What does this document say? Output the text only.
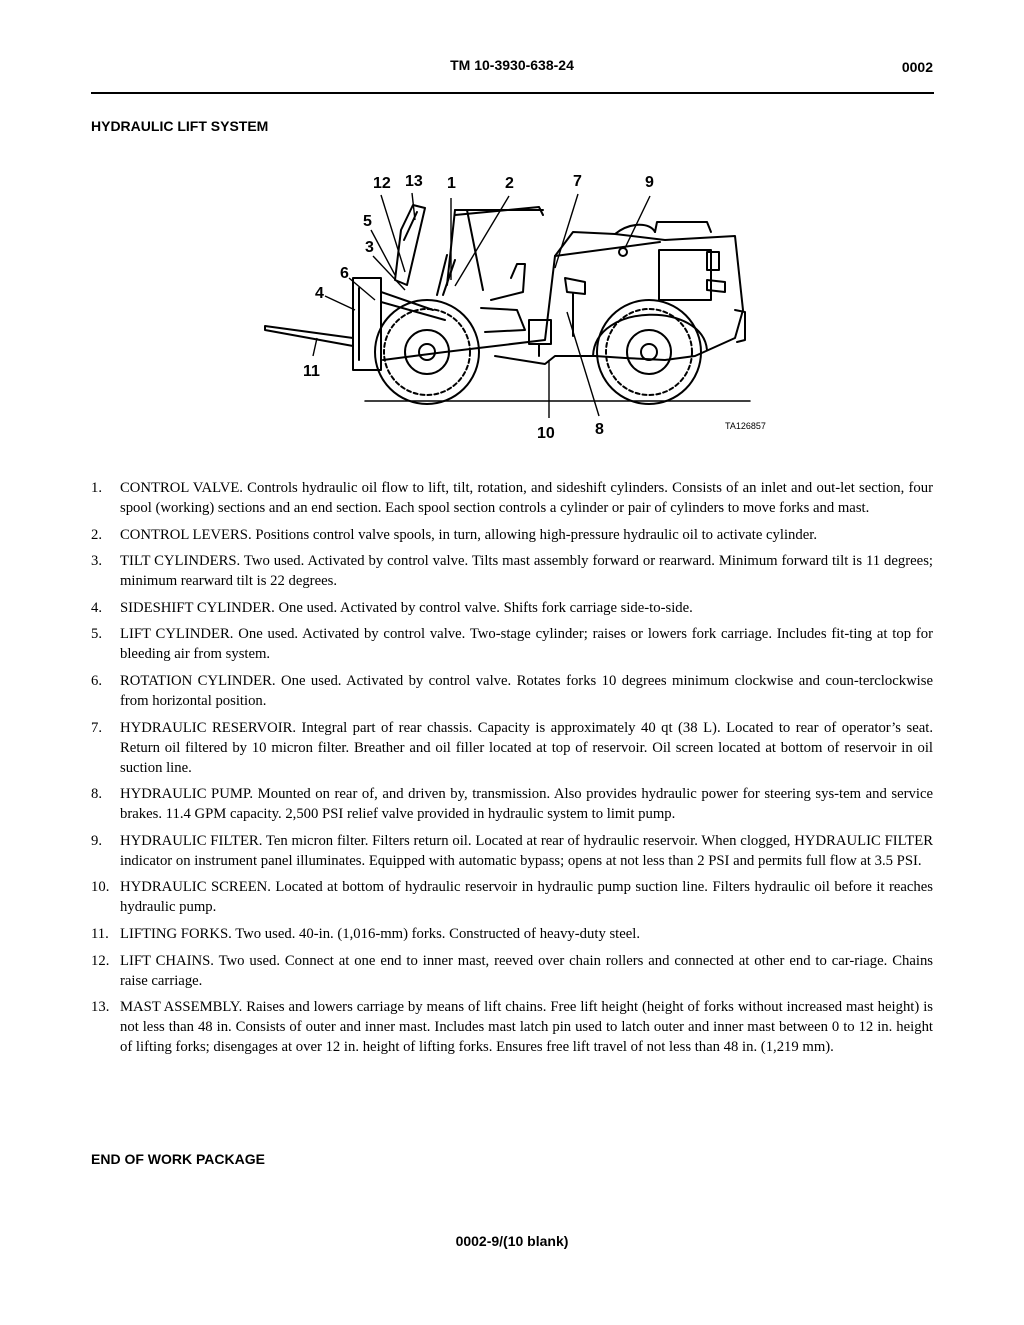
TM 10-3930-638-24	0002
HYDRAULIC LIFT SYSTEM
12 13 1	2	7	9
5
3
6
4
11
10	8	TA126857
1. CONTROL VALVE. Controls hydraulic oil flow to lift, tilt, rotation, and sideshift cylinders. Consists of an inlet and out-let section, four spool (working) sections and an end section. Each spool section controls a cylinder or pair of cylinders to move forks and mast.
2. CONTROL LEVERS. Positions control valve spools, in turn, allowing high-pressure hydraulic oil to activate cylinder.
3. TILT CYLINDERS. Two used. Activated by control valve. Tilts mast assembly forward or rearward. Minimum forward tilt is 11 degrees; minimum rearward tilt is 22 degrees.
4. SIDESHIFT CYLINDER. One used. Activated by control valve. Shifts fork carriage side-to-side.
5. LIFT CYLINDER. One used. Activated by control valve. Two-stage cylinder; raises or lowers fork carriage. Includes fit-ting at top for bleeding air from system.
6. ROTATION CYLINDER. One used. Activated by control valve. Rotates forks 10 degrees minimum clockwise and coun-terclockwise from horizontal position.
7. HYDRAULIC RESERVOIR. Integral part of rear chassis. Capacity is approximately 40 qt (38 L). Located to rear of operator’s seat. Return oil filtered by 10 micron filter. Breather and oil filler located at top of reservoir. Oil screen located at bottom of reservoir in oil suction line.
8. HYDRAULIC PUMP. Mounted on rear of, and driven by, transmission. Also provides hydraulic power for steering sys-tem and service brakes. 11.4 GPM capacity. 2,500 PSI relief valve provided in hydraulic system to limit pump.
9. HYDRAULIC FILTER. Ten micron filter. Filters return oil. Located at rear of hydraulic reservoir. When clogged, HYDRAULIC FILTER indicator on instrument panel illuminates. Equipped with automatic bypass; opens at not less than 2 PSI and permits full flow at 3.5 PSI.
10. HYDRAULIC SCREEN. Located at bottom of hydraulic reservoir in hydraulic pump suction line. Filters hydraulic oil before it reaches hydraulic pump.
11. LIFTING FORKS. Two used. 40-in. (1,016-mm) forks. Constructed of heavy-duty steel.
12. LIFT CHAINS. Two used. Connect at one end to inner mast, reeved over chain rollers and connected at other end to car-riage. Chains raise carriage.
13. MAST ASSEMBLY. Raises and lowers carriage by means of lift chains. Free lift height (height of forks without increased mast height) is not less than 48 in. Consists of outer and inner mast. Includes mast latch pin used to latch outer and inner mast between 0 to 12 in. height of lifting forks; disengages at over 12 in. height of lifting forks. Ensures free lift travel of not less than 48 in. (1,219 mm).
END OF WORK PACKAGE
0002-9/(10 blank)
